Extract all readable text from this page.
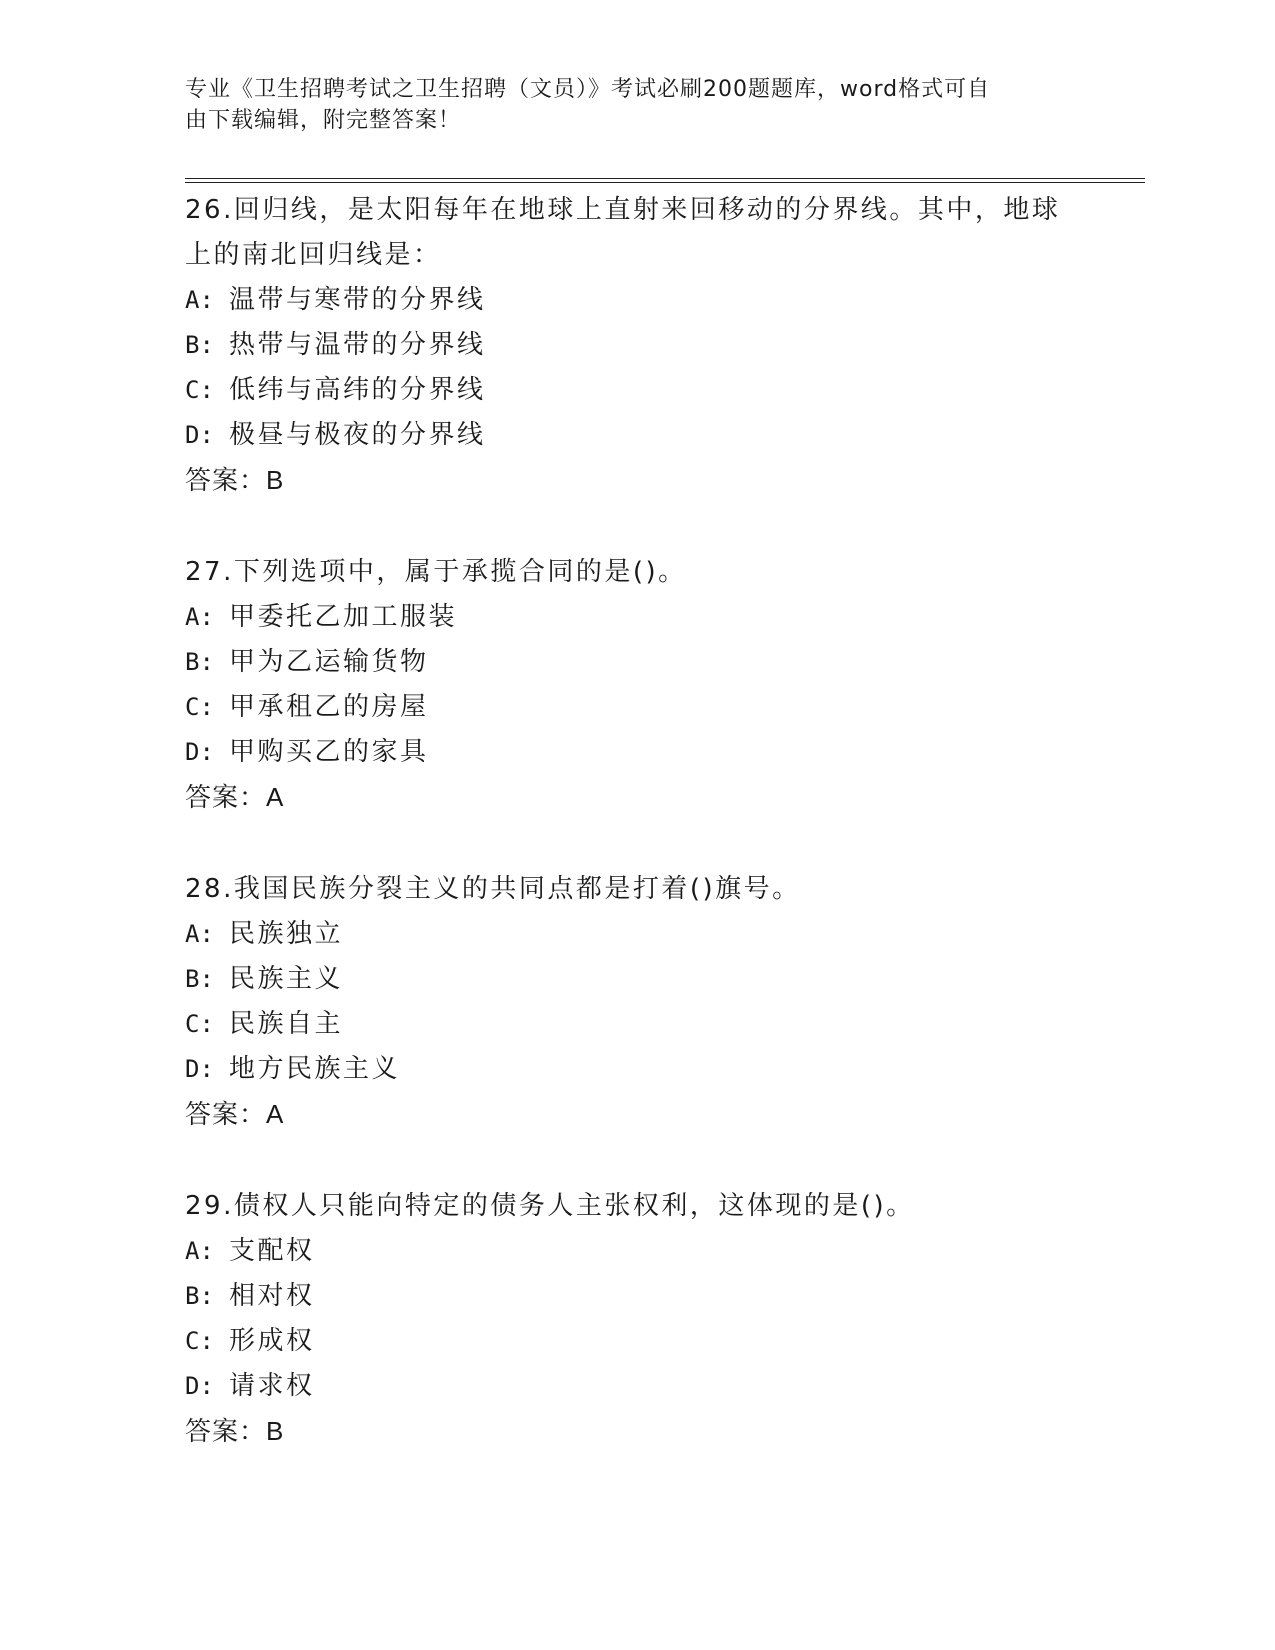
专业《卫生招聘考试之卫生招聘（文员）》考试必刷200题题库，word格式可自

由下载编辑，附完整答案！

26.回归线，是太阳每年在地球上直射来回移动的分界线。其中，地球
上的南北回归线是：

A: 温带与寒带的分界线

B: 热带与温带的分界线

C: 低纬与高纬的分界线

D: 极昼与极夜的分界线

答案：B

27.下列选项中，属于承揽合同的是()。

A: 甲委托乙加工服装

B: 甲为乙运输货物

C: 甲承租乙的房屋

D: 甲购买乙的家具

答案：A

28.我国民族分裂主义的共同点都是打着()旗号。

A: 民族独立

B: 民族主义

C: 民族自主

D: 地方民族主义

答案：A

29.债权人只能向特定的债务人主张权利，这体现的是()。

A: 支配权

B: 相对权

C: 形成权

D: 请求权

答案：B
